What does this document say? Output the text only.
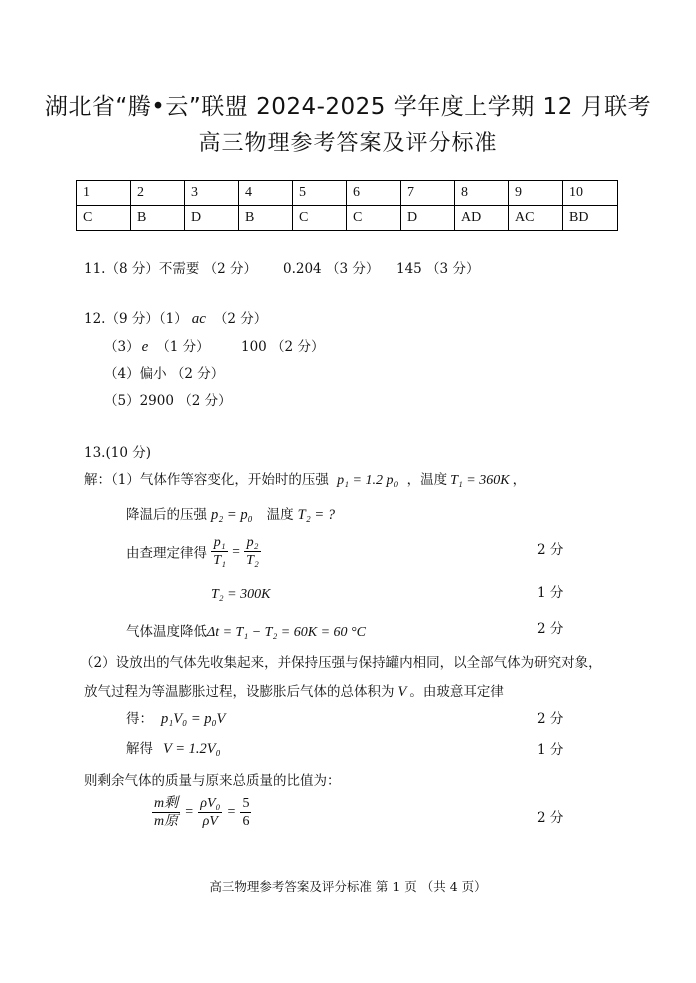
湖北省“腾•云”联盟 2024-2025 学年度上学期 12 月联考
高三物理参考答案及评分标准
1	2	3	4	5	6	7	8	9	10
C	B	D	B	C	C	D	AD	AC	BD
11.（8 分）不需要 （2 分） 0.204 （3 分） 145 （3 分）
12.（9 分）（1） ac （2 分）
（3） e （1 分） 100 （2 分）
（4）偏小 （2 分）
（5）2900 （2 分）
13.(10 分)
解：（1）气体作等容变化，开始时的压强 p₁ = 1.2 p₀ ，温度 T₁ = 360K ，
降温后的压强 p₂ = p₀ 温度 T₂ = ?
由查理定律得 $\frac{\text{p₁}}{\text{T₁}} = \frac{\text{p₂}}{\text{T₂}}$	2 分
T₂ = 300K	1 分
气体温度降低Δt = T₁ − T₂ = 60K = 60 °C	2 分
（2）设放出的气体先收集起来，并保持压强与保持罐内相同，以全部气体为研究对象，
放气过程为等温膨胀过程，设膨胀后气体的总体积为 V 。由玻意耳定律
得： p₁V₀ = p₀V	2 分
解得 V = 1.2V₀	1 分
则剩余气体的质量与原来总质量的比值为：
$\frac{\text{m剩}}{\text{m原}} = \frac{\text{ρV₀}}{\rho V} = \frac{5}{6}$	2 分
高三物理参考答案及评分标准 第 1 页 （共 4 页）
